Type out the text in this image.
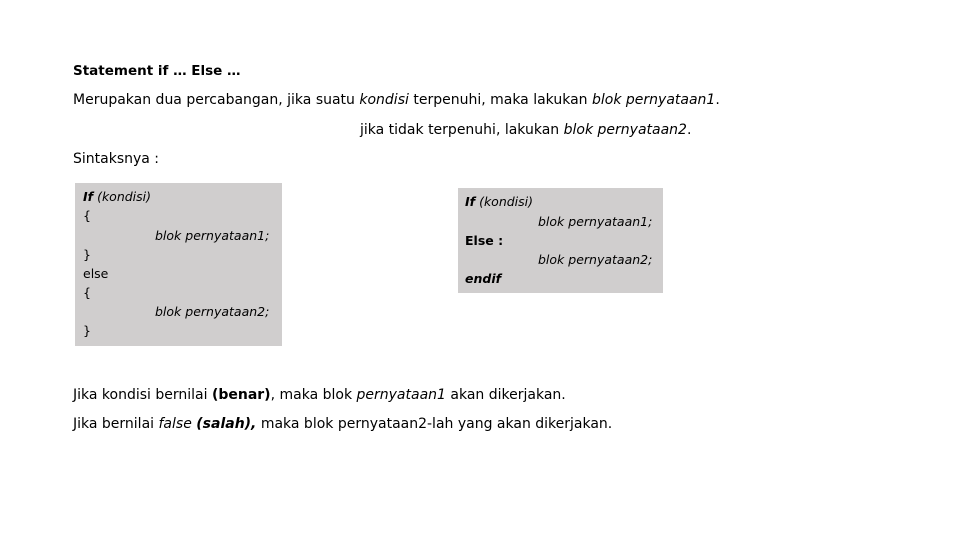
Statement if … Else …
Merupakan dua percabangan, jika suatu kondisi terpenuhi, maka lakukan blok pernyataan1.
jika tidak terpenuhi, lakukan blok pernyataan2.
Sintaksnya :
If (kondisi)
{
blok pernyataan1;
}
else
{
blok pernyataan2;
}
If (kondisi)
blok pernyataan1;
Else :
blok pernyataan2;
endif
Jika kondisi bernilai (benar), maka blok pernyataan1 akan dikerjakan.
Jika bernilai false (salah), maka blok pernyataan2-lah yang akan dikerjakan.
